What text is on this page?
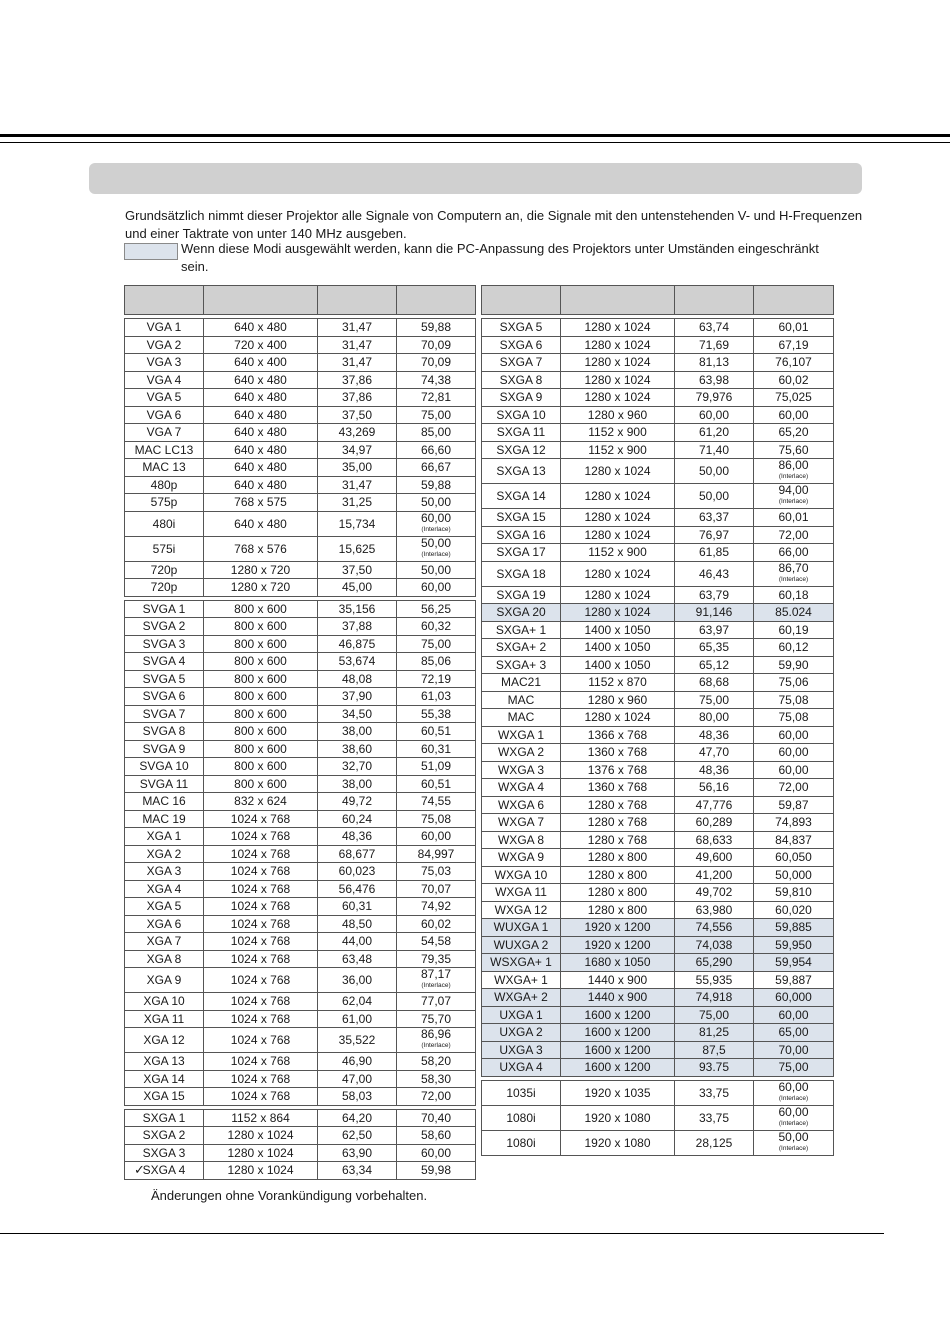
Grundsätzlich nimmt dieser Projektor alle Signale von Computern an, die Signale mit den untenstehenden V- und H-Frequenzen und einer Taktrate von unter 140 MHz ausgeben.

Wenn diese Modi ausgewählt werden, kann die PC-Anpassung des Projektors unter Umständen eingeschränkt sein.

VGA 1	640 x 480	31,47	59,88
VGA 2	720 x 400	31,47	70,09
VGA 3	640 x 400	31,47	70,09
VGA 4	640 x 480	37,86	74,38
VGA 5	640 x 480	37,86	72,81
VGA 6	640 x 480	37,50	75,00
VGA 7	640 x 480	43,269	85,00
MAC LC13	640 x 480	34,97	66,60
MAC 13	640 x 480	35,00	66,67
480p	640 x 480	31,47	59,88
575p	768 x 575	31,25	50,00
480i	640 x 480	15,734	60,00
(Interlace)

575i	768 x 576	15,625	50,00
(Interlace)

720p	1280 x 720	37,50	50,00
720p	1280 x 720	45,00	60,00

SVGA 1	800 x 600	35,156	56,25
SVGA 2	800 x 600	37,88	60,32
SVGA 3	800 x 600	46,875	75,00
SVGA 4	800 x 600	53,674	85,06
SVGA 5	800 x 600	48,08	72,19
SVGA 6	800 x 600	37,90	61,03
SVGA 7	800 x 600	34,50	55,38
SVGA 8	800 x 600	38,00	60,51
SVGA 9	800 x 600	38,60	60,31
SVGA 10	800 x 600	32,70	51,09
SVGA 11	800 x 600	38,00	60,51
MAC 16	832 x 624	49,72	74,55
MAC 19	1024 x 768	60,24	75,08
XGA 1	1024 x 768	48,36	60,00
XGA 2	1024 x 768	68,677	84,997
XGA 3	1024 x 768	60,023	75,03
XGA 4	1024 x 768	56,476	70,07
XGA 5	1024 x 768	60,31	74,92
XGA 6	1024 x 768	48,50	60,02
XGA 7	1024 x 768	44,00	54,58
XGA 8	1024 x 768	63,48	79,35
XGA 9	1024 x 768	36,00	87,17
(Interlace)

XGA 10	1024 x 768	62,04	77,07
XGA 11	1024 x 768	61,00	75,70
XGA 12	1024 x 768	35,522	86,96
(Interlace)

XGA 13	1024 x 768	46,90	58,20
XGA 14	1024 x 768	47,00	58,30
XGA 15	1024 x 768	58,03	72,00

SXGA 1	1152 x 864	64,20	70,40
SXGA 2	1280 x 1024	62,50	58,60
SXGA 3	1280 x 1024	63,90	60,00
SXGA 4	1280 x 1024	63,34	59,98

SXGA 5	1280 x 1024	63,74	60,01
SXGA 6	1280 x 1024	71,69	67,19
SXGA 7	1280 x 1024	81,13	76,107
SXGA 8	1280 x 1024	63,98	60,02
SXGA 9	1280 x 1024	79,976	75,025
SXGA 10	1280 x 960	60,00	60,00
SXGA 11	1152 x 900	61,20	65,20
SXGA 12	1152 x 900	71,40	75,60
SXGA 13	1280 x 1024	50,00	86,00
(Interlace)

SXGA 14	1280 x 1024	50,00	94,00
(Interlace)

SXGA 15	1280 x 1024	63,37	60,01
SXGA 16	1280 x 1024	76,97	72,00
SXGA 17	1152 x 900	61,85	66,00
SXGA 18	1280 x 1024	46,43	86,70
(Interlace)

SXGA 19	1280 x 1024	63,79	60,18
SXGA 20	1280 x 1024	91,146	85.024
SXGA+ 1	1400 x 1050	63,97	60,19
SXGA+ 2	1400 x 1050	65,35	60,12
SXGA+ 3	1400 x 1050	65,12	59,90
MAC21	1152 x 870	68,68	75,06
MAC	1280 x 960	75,00	75,08
MAC	1280 x 1024	80,00	75,08
WXGA 1	1366 x 768	48,36	60,00
WXGA 2	1360 x 768	47,70	60,00
WXGA 3	1376 x 768	48,36	60,00
WXGA 4	1360 x 768	56,16	72,00
WXGA 6	1280 x 768	47,776	59,87
WXGA 7	1280 x 768	60,289	74,893
WXGA 8	1280 x 768	68,633	84,837
WXGA 9	1280 x 800	49,600	60,050
WXGA 10	1280 x 800	41,200	50,000
WXGA 11	1280 x 800	49,702	59,810
WXGA 12	1280 x 800	63,980	60,020
WUXGA 1	1920 x 1200	74,556	59,885
WUXGA 2	1920 x 1200	74,038	59,950
WSXGA+ 1	1680 x 1050	65,290	59,954
WXGA+ 1	1440 x 900	55,935	59,887
WXGA+ 2	1440 x 900	74,918	60,000
UXGA 1	1600 x 1200	75,00	60,00
UXGA 2	1600 x 1200	81,25	65,00
UXGA 3	1600 x 1200	87,5	70,00
UXGA 4	1600 x 1200	93.75	75,00

1035i	1920 x 1035	33,75	60,00
(Interlace)

1080i	1920 x 1080	33,75	60,00
(Interlace)

1080i	1920 x 1080	28,125	50,00
(Interlace)
✓

Änderungen ohne Vorankündigung vorbehalten.
